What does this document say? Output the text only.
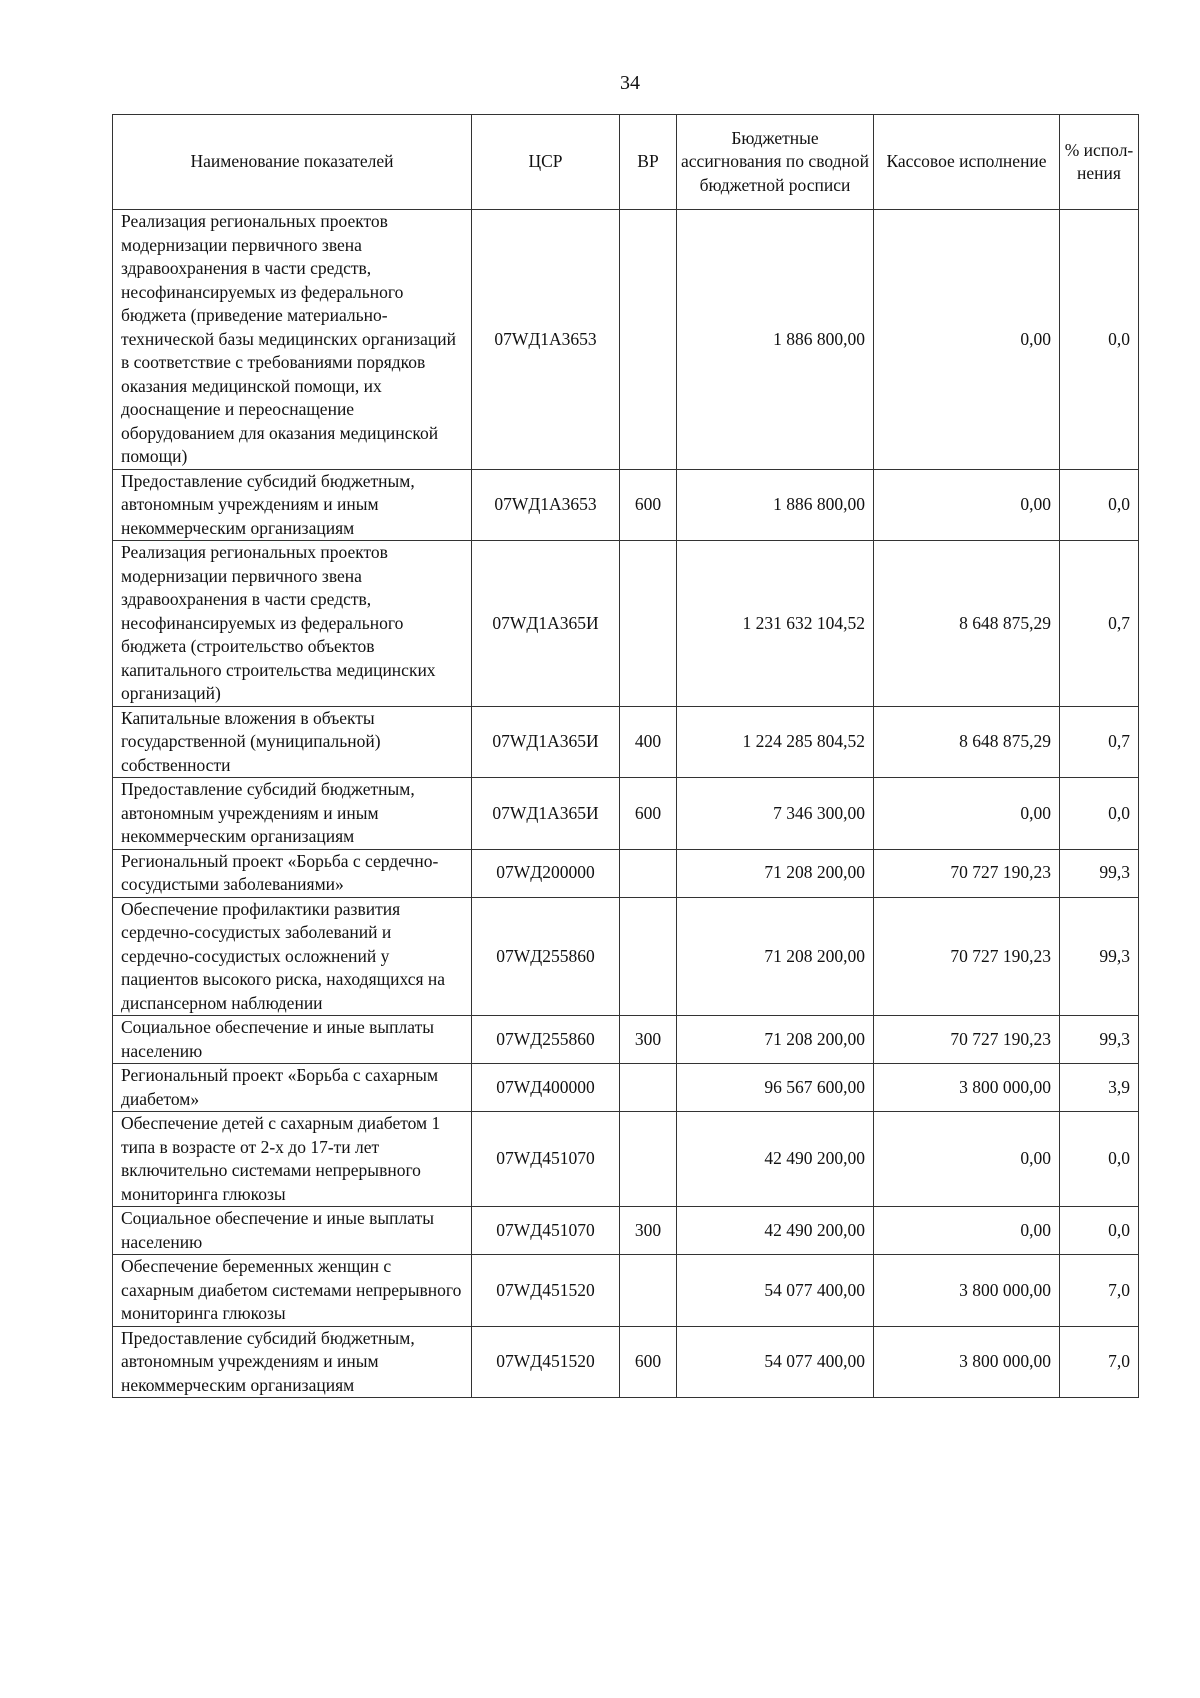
34
Наименование показателей	ЦСР	ВР	Бюджетные ассигнования по сводной бюджетной росписи	Кассовое исполнение	% испол-нения
Реализация региональных проектов модернизации первичного звена здравоохранения в части средств, несофинансируемых из федерального бюджета (приведение материально-технической базы медицинских организаций в соответствие с требованиями порядков оказания медицинской помощи, их дооснащение и переоснащение оборудованием для оказания медицинской помощи)	07WД1А3653		1 886 800,00	0,00	0,0
Предоставление субсидий бюджетным, автономным учреждениям и иным некоммерческим организациям	07WД1А3653	600	1 886 800,00	0,00	0,0
Реализация региональных проектов модернизации первичного звена здравоохранения в части средств, несофинансируемых из федерального бюджета (строительство объектов капитального строительства медицинских организаций)	07WД1А365И		1 231 632 104,52	8 648 875,29	0,7
Капитальные вложения в объекты государственной (муниципальной) собственности	07WД1А365И	400	1 224 285 804,52	8 648 875,29	0,7
Предоставление субсидий бюджетным, автономным учреждениям и иным некоммерческим организациям	07WД1А365И	600	7 346 300,00	0,00	0,0
Региональный проект «Борьба с сердечно-сосудистыми заболеваниями»	07WД200000		71 208 200,00	70 727 190,23	99,3
Обеспечение профилактики развития сердечно-сосудистых заболеваний и сердечно-сосудистых осложнений у пациентов высокого риска, находящихся на диспансерном наблюдении	07WД255860		71 208 200,00	70 727 190,23	99,3
Социальное обеспечение и иные выплаты населению	07WД255860	300	71 208 200,00	70 727 190,23	99,3
Региональный проект «Борьба с сахарным диабетом»	07WД400000		96 567 600,00	3 800 000,00	3,9
Обеспечение детей с сахарным диабетом 1 типа в возрасте от 2-х до 17-ти лет включительно системами непрерывного мониторинга глюкозы	07WД451070		42 490 200,00	0,00	0,0
Социальное обеспечение и иные выплаты населению	07WД451070	300	42 490 200,00	0,00	0,0
Обеспечение беременных женщин с сахарным диабетом системами непрерывного мониторинга глюкозы	07WД451520		54 077 400,00	3 800 000,00	7,0
Предоставление субсидий бюджетным, автономным учреждениям и иным некоммерческим организациям	07WД451520	600	54 077 400,00	3 800 000,00	7,0
